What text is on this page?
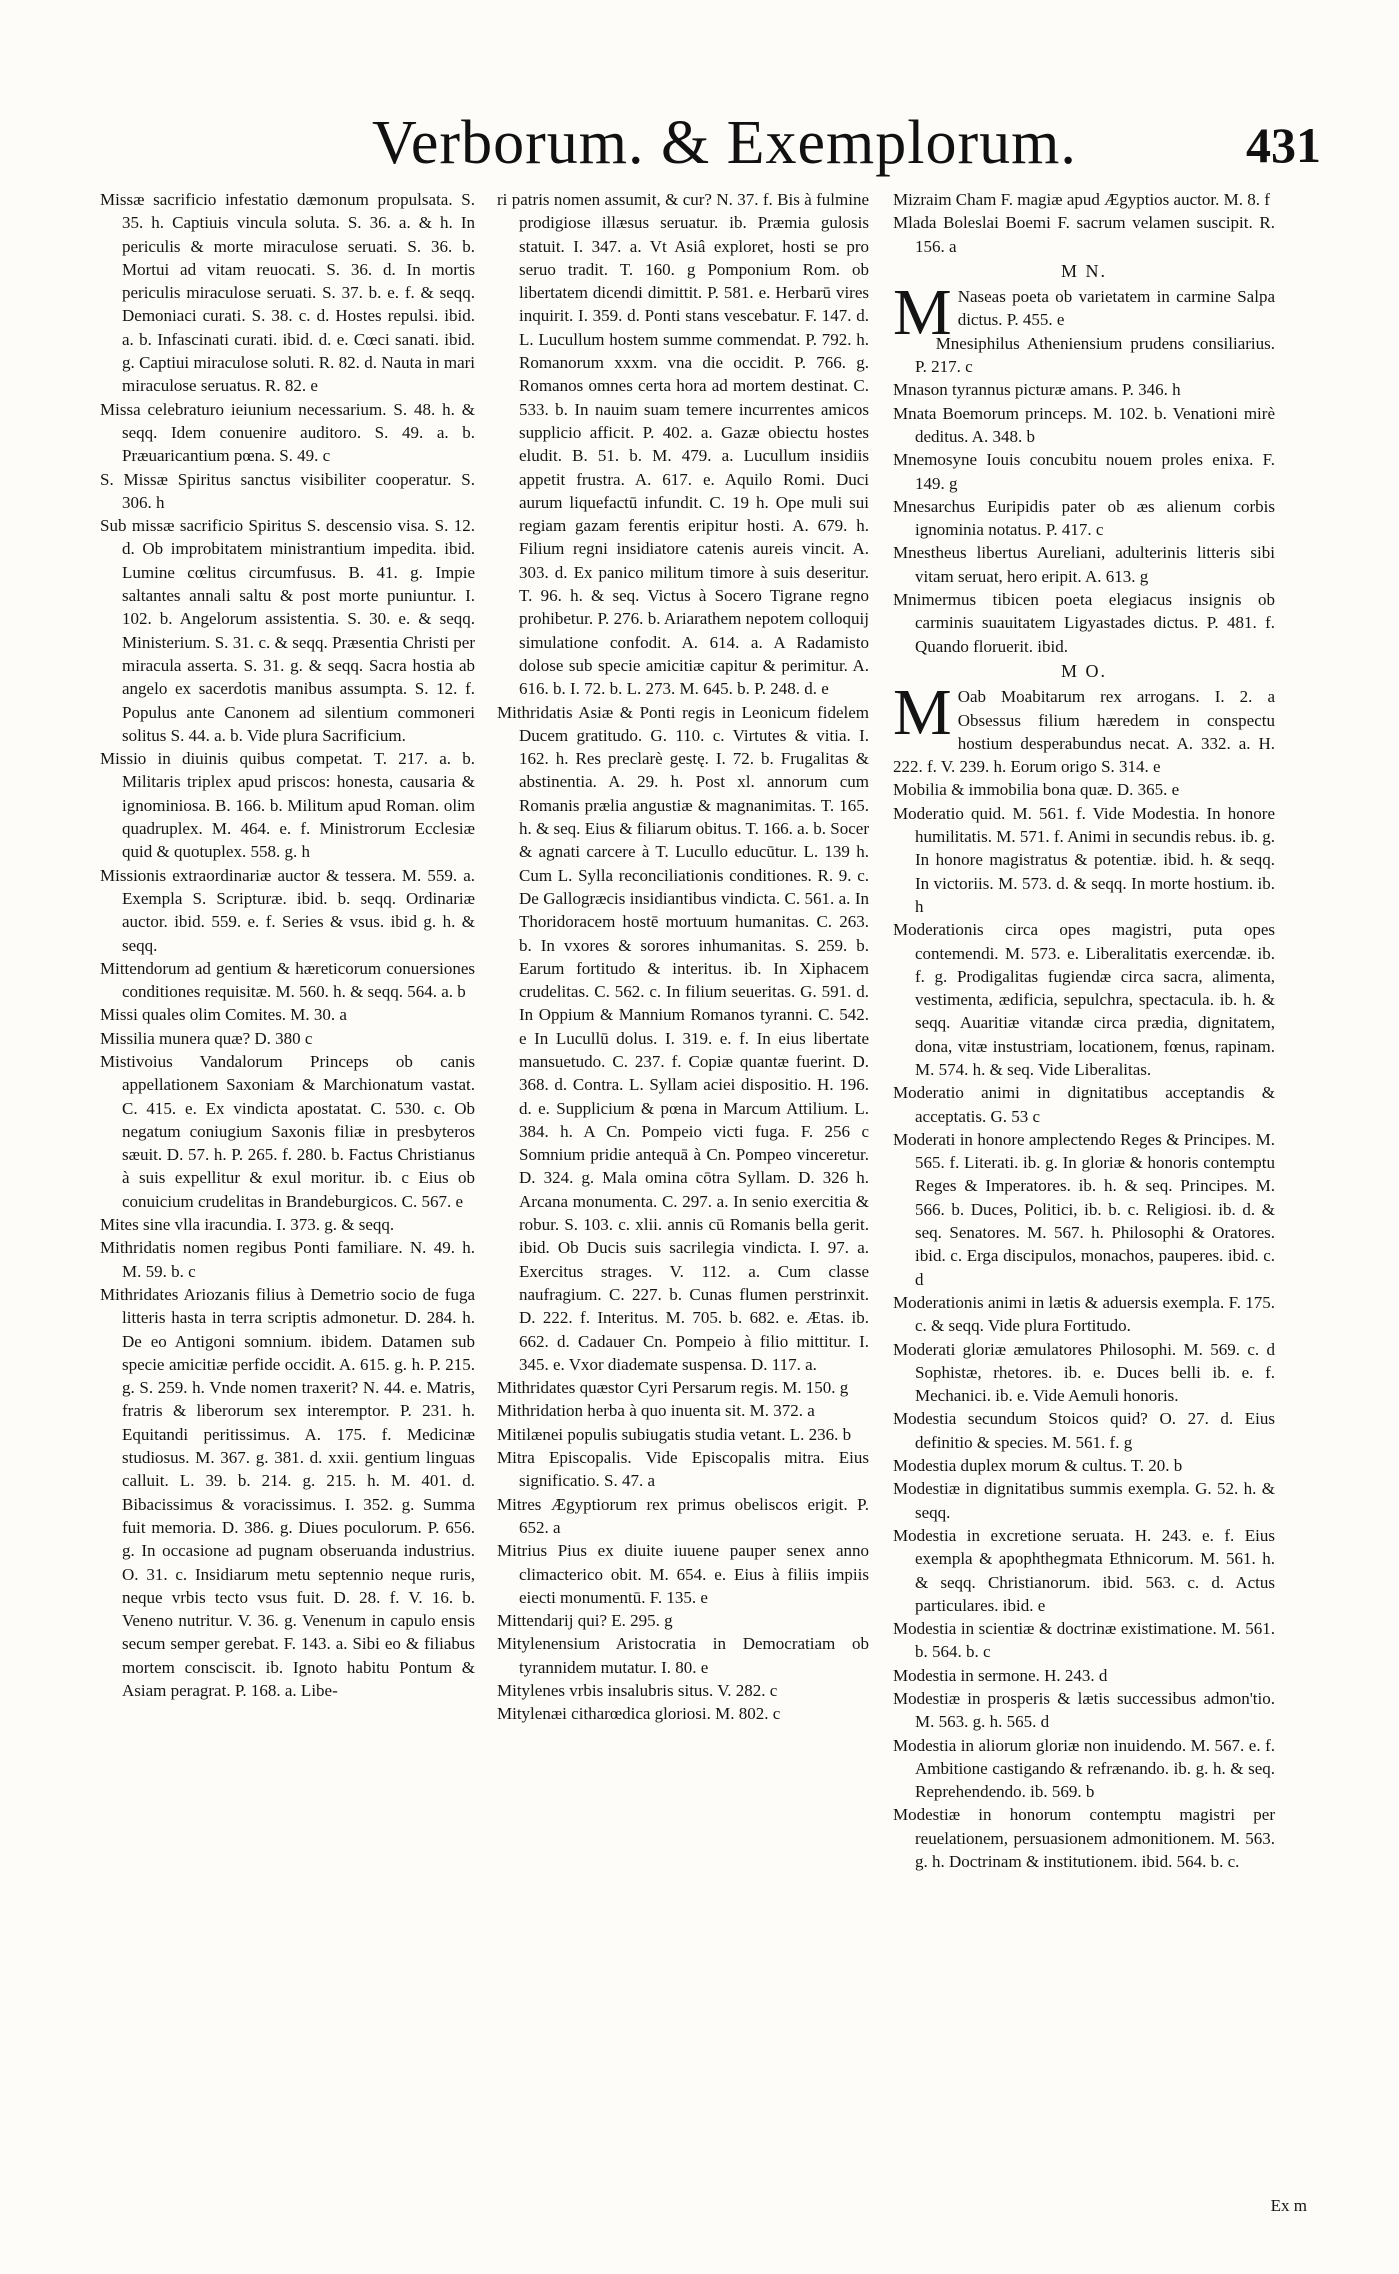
Verborum. & Exemplorum.	431

Missæ sacrificio infestatio dæmonum propulsata. S. 35. h. Captiuis vincula soluta. S. 36. a. & h. In periculis & morte miraculose seruati. S. 36. b. Mortui ad vitam reuocati. S. 36. d. In mortis periculis miraculose seruati. S. 37. b. e. f. & seqq. Demoniaci curati. S. 38. c. d. Hostes repulsi. ibid. a. b. Infascinati curati. ibid. d. e. Cœci sanati. ibid. g. Captiui miraculose soluti. R. 82. d. Nauta in mari miraculose seruatus. R. 82. e

Missa celebraturo ieiunium necessarium. S. 48. h. & seqq. Idem conuenire auditoro. S. 49. a. b. Præuaricantium pœna. S. 49. c

S. Missæ Spiritus sanctus visibiliter cooperatur. S. 306. h

Sub missæ sacrificio Spiritus S. descensio visa. S. 12. d. Ob improbitatem ministrantium impedita. ibid. Lumine cœlitus circumfusus. B. 41. g. Impie saltantes annali saltu & post morte puniuntur. I. 102. b. Angelorum assistentia. S. 30. e. & seqq. Ministerium. S. 31. c. & seqq. Præsentia Christi per miracula asserta. S. 31. g. & seqq. Sacra hostia ab angelo ex sacerdotis manibus assumpta. S. 12. f. Populus ante Canonem ad silentium commoneri solitus S. 44. a. b. Vide plura Sacrificium.

Missio in diuinis quibus competat. T. 217. a. b. Militaris triplex apud priscos: honesta, causaria & ignominiosa. B. 166. b. Militum apud Roman. olim quadruplex. M. 464. e. f. Ministrorum Ecclesiæ quid & quotuplex. 558. g. h

Missionis extraordinariæ auctor & tessera. M. 559. a. Exempla S. Scripturæ. ibid. b. seqq. Ordinariæ auctor. ibid. 559. e. f. Series & vsus. ibid g. h. & seqq.

Mittendorum ad gentium & hæreticorum conuersiones conditiones requisitæ. M. 560. h. & seqq. 564. a. b

Missi quales olim Comites. M. 30. a

Missilia munera quæ? D. 380 c

Mistivoius Vandalorum Princeps ob canis appellationem Saxoniam & Marchionatum vastat. C. 415. e. Ex vindicta apostatat. C. 530. c. Ob negatum coniugium Saxonis filiæ in presbyteros sæuit. D. 57. h. P. 265. f. 280. b. Factus Christianus à suis expellitur & exul moritur. ib. c Eius ob conuicium crudelitas in Brandeburgicos. C. 567. e

Mites sine vlla iracundia. I. 373. g. & seqq.

Mithridatis nomen regibus Ponti familiare. N. 49. h. M. 59. b. c

Mithridates Ariozanis filius à Demetrio socio de fuga litteris hasta in terra scriptis admonetur. D. 284. h. De eo Antigoni somnium. ibidem. Datamen sub specie amicitiæ perfide occidit. A. 615. g. h. P. 215. g. S. 259. h. Vnde nomen traxerit? N. 44. e. Matris, fratris & liberorum sex interemptor. P. 231. h. Equitandi peritissimus. A. 175. f. Medicinæ studiosus. M. 367. g. 381. d. xxii. gentium linguas calluit. L. 39. b. 214. g. 215. h. M. 401. d. Bibacissimus & voracissimus. I. 352. g. Summa fuit memoria. D. 386. g. Diues poculorum. P. 656. g. In occasione ad pugnam obseruanda industrius. O. 31. c. Insidiarum metu septennio neque ruris, neque vrbis tecto vsus fuit. D. 28. f. V. 16. b. Veneno nutritur. V. 36. g. Venenum in capulo ensis secum semper gerebat. F. 143. a. Sibi eo & filiabus mortem consciscit. ib. Ignoto habitu Pontum & Asiam peragrat. P. 168. a. Libe-

ri patris nomen assumit, & cur? N. 37. f. Bis à fulmine prodigiose illæsus seruatur. ib. Præmia gulosis statuit. I. 347. a. Vt Asiâ exploret, hosti se pro seruo tradit. T. 160. g Pomponium Rom. ob libertatem dicendi dimittit. P. 581. e. Herbarū vires inquirit. I. 359. d. Ponti stans vescebatur. F. 147. d. L. Lucullum hostem summe commendat. P. 792. h. Romanorum xxxm. vna die occidit. P. 766. g. Romanos omnes certa hora ad mortem destinat. C. 533. b. In nauim suam temere incurrentes amicos supplicio afficit. P. 402. a. Gazæ obiectu hostes eludit. B. 51. b. M. 479. a. Lucullum insidiis appetit frustra. A. 617. e. Aquilo Romi. Duci aurum liquefactū infundit. C. 19 h. Ope muli sui regiam gazam ferentis eripitur hosti. A. 679. h. Filium regni insidiatore catenis aureis vincit. A. 303. d. Ex panico militum timore à suis deseritur. T. 96. h. & seq. Victus à Socero Tigrane regno prohibetur. P. 276. b. Ariarathem nepotem colloquij simulatione confodit. A. 614. a. A Radamisto dolose sub specie amicitiæ capitur & perimitur. A. 616. b. I. 72. b. L. 273. M. 645. b. P. 248. d. e

Mithridatis Asiæ & Ponti regis in Leonicum fidelem Ducem gratitudo. G. 110. c. Virtutes & vitia. I. 162. h. Res preclarè gestę. I. 72. b. Frugalitas & abstinentia. A. 29. h. Post xl. annorum cum Romanis prælia angustiæ & magnanimitas. T. 165. h. & seq. Eius & filiarum obitus. T. 166. a. b. Socer & agnati carcere à T. Lucullo educūtur. L. 139 h. Cum L. Sylla reconciliationis conditiones. R. 9. c. De Gallogræcis insidiantibus vindicta. C. 561. a. In Thoridoracem hostē mortuum humanitas. C. 263. b. In vxores & sorores inhumanitas. S. 259. b. Earum fortitudo & interitus. ib. In Xiphacem crudelitas. C. 562. c. In filium seueritas. G. 591. d. In Oppium & Mannium Romanos tyranni. C. 542. e In Lucullū dolus. I. 319. e. f. In eius libertate mansuetudo. C. 237. f. Copiæ quantæ fuerint. D. 368. d. Contra. L. Syllam aciei dispositio. H. 196. d. e. Supplicium & pœna in Marcum Attilium. L. 384. h. A Cn. Pompeio victi fuga. F. 256 c Somnium pridie antequā à Cn. Pompeo vinceretur. D. 324. g. Mala omina cōtra Syllam. D. 326 h. Arcana monumenta. C. 297. a. In senio exercitia & robur. S. 103. c. xlii. annis cū Romanis bella gerit. ibid. Ob Ducis suis sacrilegia vindicta. I. 97. a. Exercitus strages. V. 112. a. Cum classe naufragium. C. 227. b. Cunas flumen perstrinxit. D. 222. f. Interitus. M. 705. b. 682. e. Ætas. ib. 662. d. Cadauer Cn. Pompeio à filio mittitur. I. 345. e. Vxor diademate suspensa. D. 117. a.

Mithridates quæstor Cyri Persarum regis. M. 150. g

Mithridation herba à quo inuenta sit. M. 372. a

Mitilænei populis subiugatis studia vetant. L. 236. b

Mitra Episcopalis. Vide Episcopalis mitra. Eius significatio. S. 47. a

Mitres Ægyptiorum rex primus obeliscos erigit. P. 652. a

Mitrius Pius ex diuite iuuene pauper senex anno climacterico obit. M. 654. e. Eius à filiis impiis eiecti monumentū. F. 135. e

Mittendarij qui? E. 295. g

Mitylenensium Aristocratia in Democratiam ob tyrannidem mutatur. I. 80. e

Mitylenes vrbis insalubris situs. V. 282. c

Mitylenæi citharœdica gloriosi. M. 802. c

Mizraim Cham F. magiæ apud Ægyptios auctor. M. 8. f

Mlada Boleslai Boemi F. sacrum velamen suscipit. R. 156. a

M N.

M Naseas poeta ob varietatem in carmine Salpa dictus. P. 455. e

Mnesiphilus Atheniensium prudens consiliarius. P. 217. c

Mnason tyrannus picturæ amans. P. 346. h

Mnata Boemorum princeps. M. 102. b. Venationi mirè deditus. A. 348. b

Mnemosyne Iouis concubitu nouem proles enixa. F. 149. g

Mnesarchus Euripidis pater ob æs alienum corbis ignominia notatus. P. 417. c

Mnestheus libertus Aureliani, adulterinis litteris sibi vitam seruat, hero eripit. A. 613. g

Mnimermus tibicen poeta elegiacus insignis ob carminis suauitatem Ligyastades dictus. P. 481. f. Quando floruerit. ibid.

M O.

M Oab Moabitarum rex arrogans. I. 2. a Obsessus filium hæredem in conspectu hostium desperabundus necat. A. 332. a. H. 222. f. V. 239. h. Eorum origo S. 314. e

Mobilia & immobilia bona quæ. D. 365. e

Moderatio quid. M. 561. f. Vide Modestia. In honore humilitatis. M. 571. f. Animi in secundis rebus. ib. g. In honore magistratus & potentiæ. ibid. h. & seqq. In victoriis. M. 573. d. & seqq. In morte hostium. ib. h

Moderationis circa opes magistri, puta opes contemendi. M. 573. e. Liberalitatis exercendæ. ib. f. g. Prodigalitas fugiendæ circa sacra, alimenta, vestimenta, ædificia, sepulchra, spectacula. ib. h. & seqq. Auaritiæ vitandæ circa prædia, dignitatem, dona, vitæ instustriam, locationem, fœnus, rapinam. M. 574. h. & seq. Vide Liberalitas.

Moderatio animi in dignitatibus acceptandis & acceptatis. G. 53 c

Moderati in honore amplectendo Reges & Principes. M. 565. f. Literati. ib. g. In gloriæ & honoris contemptu Reges & Imperatores. ib. h. & seq. Principes. M. 566. b. Duces, Politici, ib. b. c. Religiosi. ib. d. & seq. Senatores. M. 567. h. Philosophi & Oratores. ibid. c. Erga discipulos, monachos, pauperes. ibid. c. d

Moderationis animi in lætis & aduersis exempla. F. 175. c. & seqq. Vide plura Fortitudo.

Moderati gloriæ æmulatores Philosophi. M. 569. c. d Sophistæ, rhetores. ib. e. Duces belli ib. e. f. Mechanici. ib. e. Vide Aemuli honoris.

Modestia secundum Stoicos quid? O. 27. d. Eius definitio & species. M. 561. f. g

Modestia duplex morum & cultus. T. 20. b

Modestiæ in dignitatibus summis exempla. G. 52. h. & seqq.

Modestia in excretione seruata. H. 243. e. f. Eius exempla & apophthegmata Ethnicorum. M. 561. h. & seqq. Christianorum. ibid. 563. c. d. Actus particulares. ibid. e

Modestia in scientiæ & doctrinæ existimatione. M. 561. b. 564. b. c

Modestia in sermone. H. 243. d

Modestiæ in prosperis & lætis successibus admon'tio. M. 563. g. h. 565. d

Modestia in aliorum gloriæ non inuidendo. M. 567. e. f. Ambitione castigando & refrænando. ib. g. h. & seq. Reprehendendo. ib. 569. b

Modestiæ in honorum contemptu magistri per reuelationem, persuasionem admonitionem. M. 563. g. h. Doctrinam & institutionem. ibid. 564. b. c.

Ex m
